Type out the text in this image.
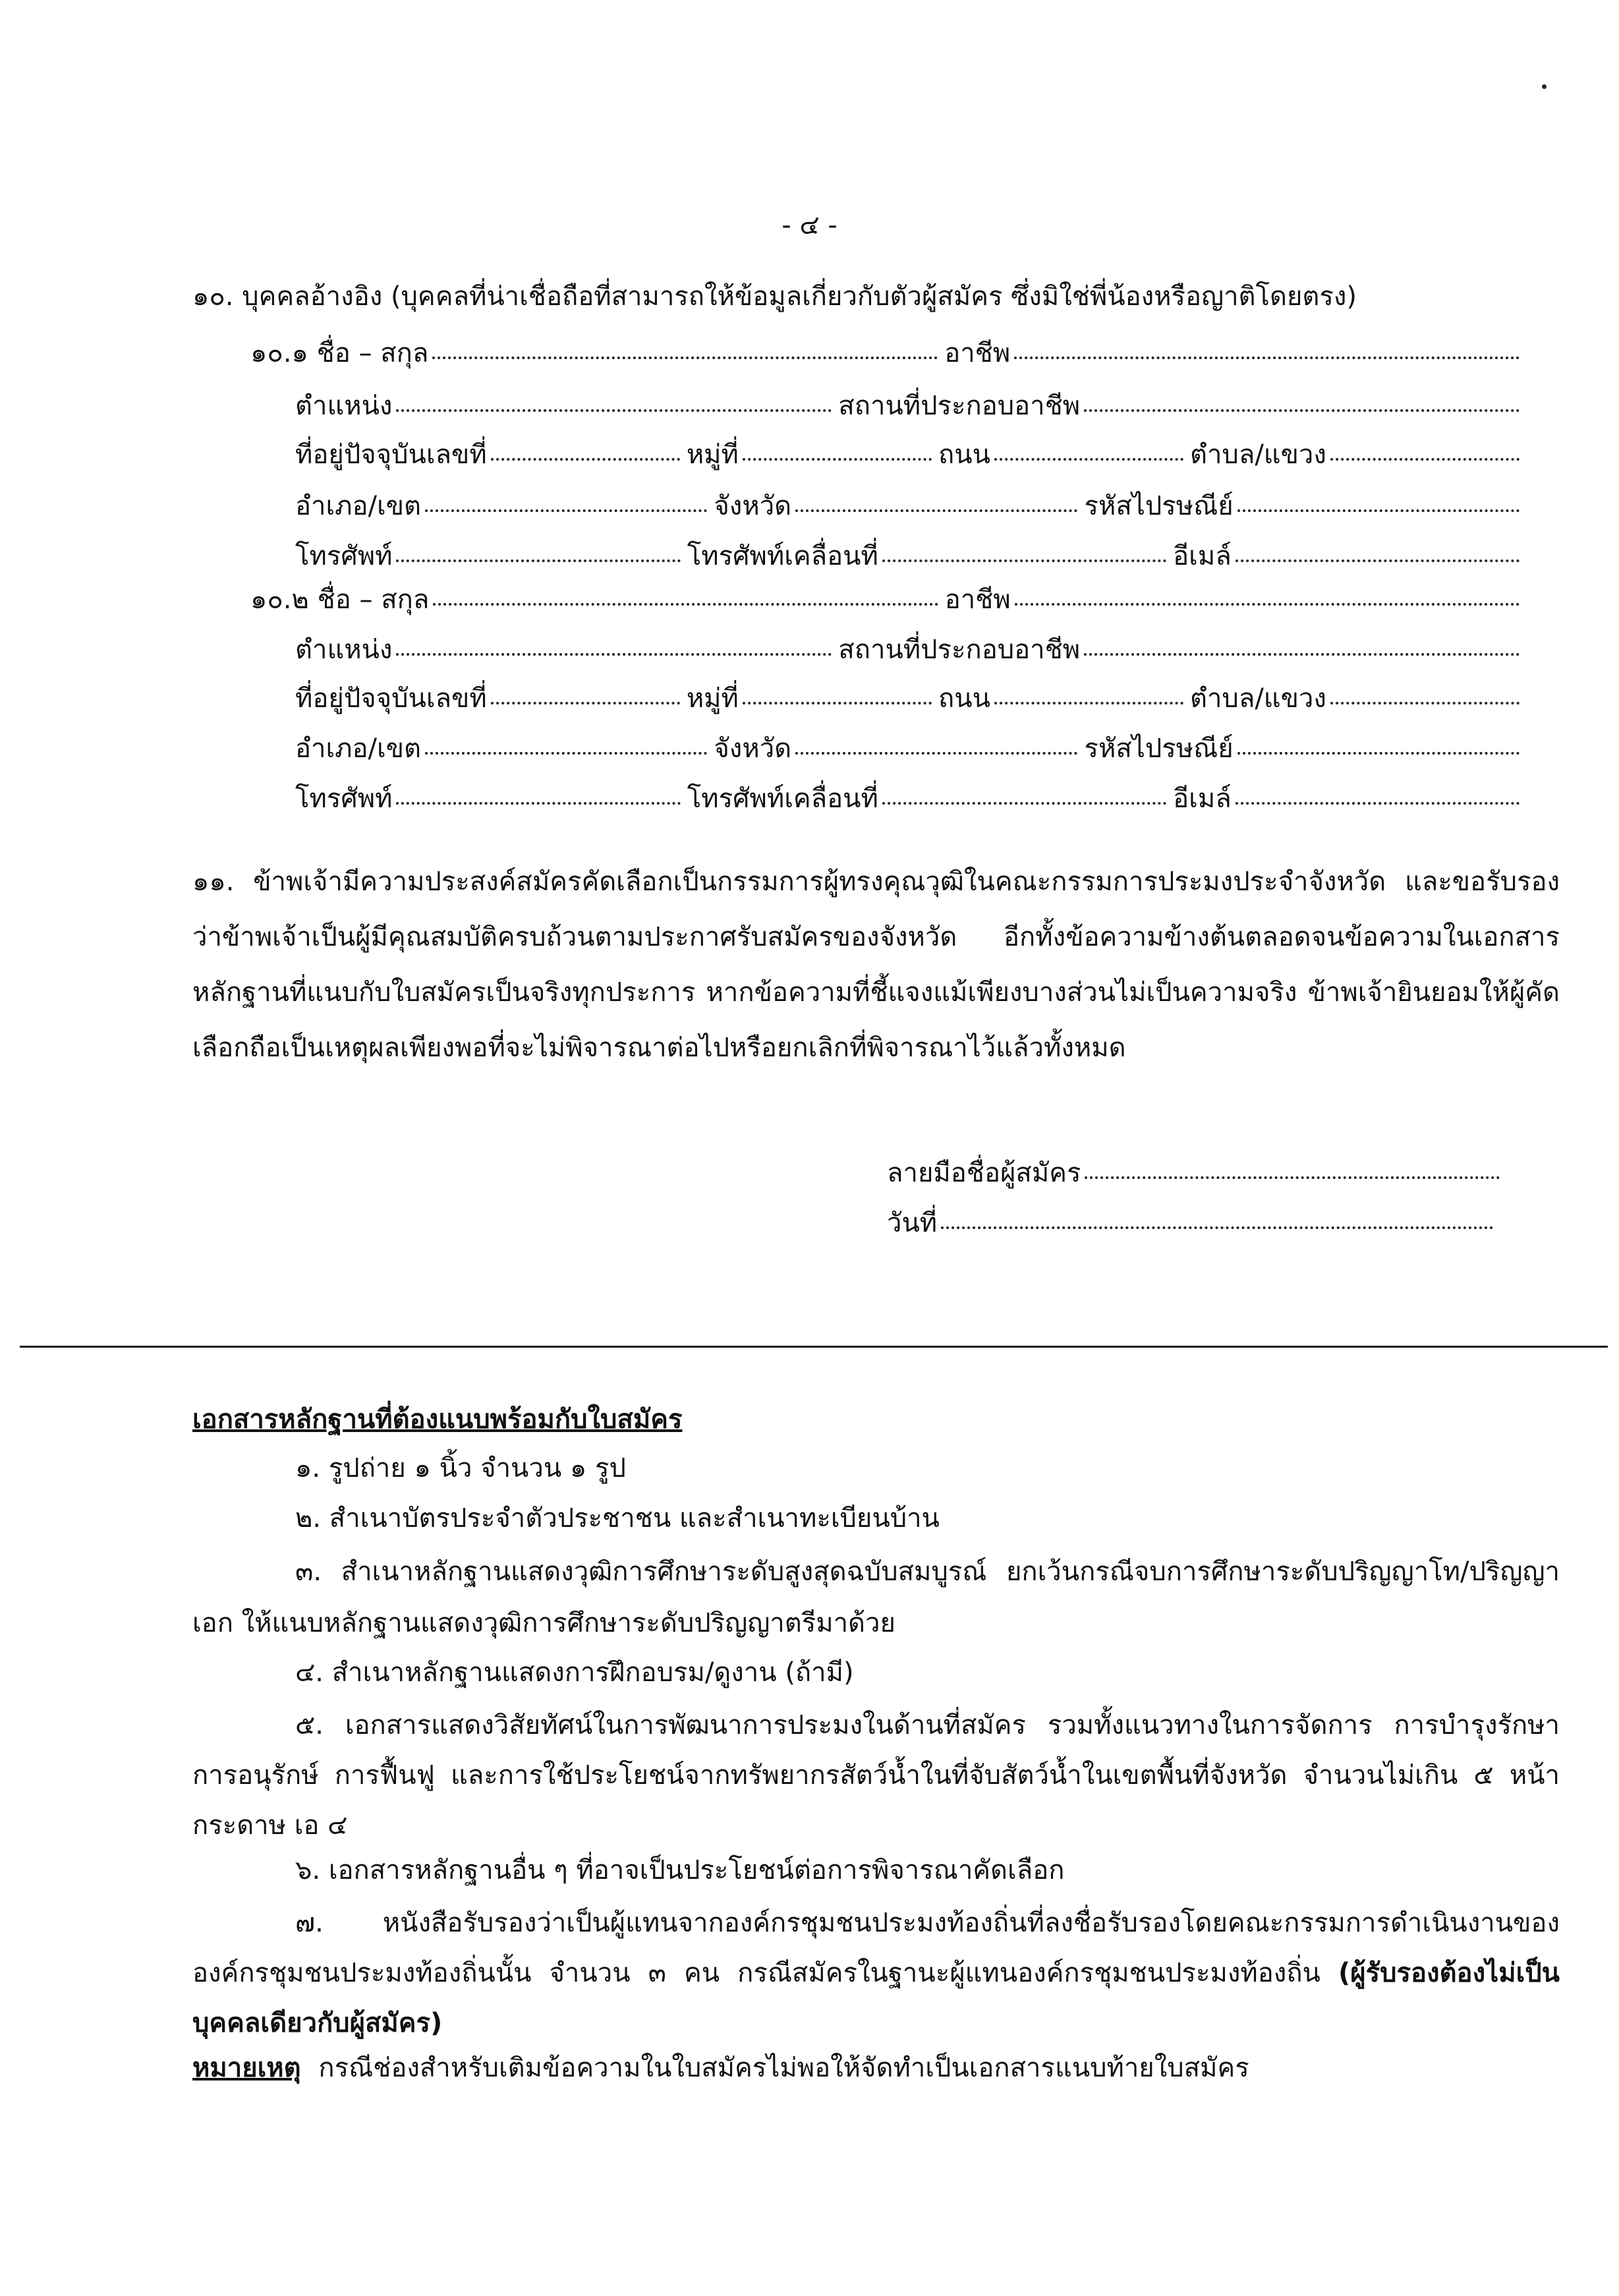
- ๔ -
๑๐. บุคคลอ้างอิง (บุคคลที่น่าเชื่อถือที่สามารถให้ข้อมูลเกี่ยวกับตัวผู้สมัคร ซึ่งมิใช่พี่น้องหรือญาติโดยตรง)
๑๐.๑ ชื่อ – สกุล	อาชีพ
ตำแหน่ง	สถานที่ประกอบอาชีพ
ที่อยู่ปัจจุบันเลขที่	หมู่ที่	ถนน	ตำบล/แขวง
อำเภอ/เขต	จังหวัด	รหัสไปรษณีย์
โทรศัพท์	โทรศัพท์เคลื่อนที่	อีเมล์
๑๐.๒ ชื่อ – สกุล	อาชีพ
ตำแหน่ง	สถานที่ประกอบอาชีพ
ที่อยู่ปัจจุบันเลขที่	หมู่ที่	ถนน	ตำบล/แขวง
อำเภอ/เขต	จังหวัด	รหัสไปรษณีย์
โทรศัพท์	โทรศัพท์เคลื่อนที่	อีเมล์
๑๑. ข้าพเจ้ามีความประสงค์สมัครคัดเลือกเป็นกรรมการผู้ทรงคุณวุฒิในคณะกรรมการประมงประจำจังหวัด และขอรับรองว่าข้าพเจ้าเป็นผู้มีคุณสมบัติครบถ้วนตามประกาศรับสมัครของจังหวัด อีกทั้งข้อความข้างต้นตลอดจนข้อความในเอกสารหลักฐานที่แนบกับใบสมัครเป็นจริงทุกประการ หากข้อความที่ชี้แจงแม้เพียงบางส่วนไม่เป็นความจริง ข้าพเจ้ายินยอมให้ผู้คัดเลือกถือเป็นเหตุผลเพียงพอที่จะไม่พิจารณาต่อไปหรือยกเลิกที่พิจารณาไว้แล้วทั้งหมด
ลายมือชื่อผู้สมัคร
วันที่
เอกสารหลักฐานที่ต้องแนบพร้อมกับใบสมัคร
๑. รูปถ่าย ๑ นิ้ว จำนวน ๑ รูป
๒. สำเนาบัตรประจำตัวประชาชน และสำเนาทะเบียนบ้าน
๓. สำเนาหลักฐานแสดงวุฒิการศึกษาระดับสูงสุดฉบับสมบูรณ์ ยกเว้นกรณีจบการศึกษาระดับปริญญาโท/ปริญญาเอก ให้แนบหลักฐานแสดงวุฒิการศึกษาระดับปริญญาตรีมาด้วย
๔. สำเนาหลักฐานแสดงการฝึกอบรม/ดูงาน (ถ้ามี)
๕. เอกสารแสดงวิสัยทัศน์ในการพัฒนาการประมงในด้านที่สมัคร รวมทั้งแนวทางในการจัดการ การบำรุงรักษา การอนุรักษ์ การฟื้นฟู และการใช้ประโยชน์จากทรัพยากรสัตว์น้ำในที่จับสัตว์น้ำในเขตพื้นที่จังหวัด จำนวนไม่เกิน ๕ หน้ากระดาษ เอ ๔
๖. เอกสารหลักฐานอื่น ๆ ที่อาจเป็นประโยชน์ต่อการพิจารณาคัดเลือก
๗. หนังสือรับรองว่าเป็นผู้แทนจากองค์กรชุมชนประมงท้องถิ่นที่ลงชื่อรับรองโดยคณะกรรมการดำเนินงานขององค์กรชุมชนประมงท้องถิ่นนั้น จำนวน ๓ คน กรณีสมัครในฐานะผู้แทนองค์กรชุมชนประมงท้องถิ่น (ผู้รับรองต้องไม่เป็นบุคคลเดียวกับผู้สมัคร)
หมายเหตุ กรณีช่องสำหรับเติมข้อความในใบสมัครไม่พอให้จัดทำเป็นเอกสารแนบท้ายใบสมัคร
